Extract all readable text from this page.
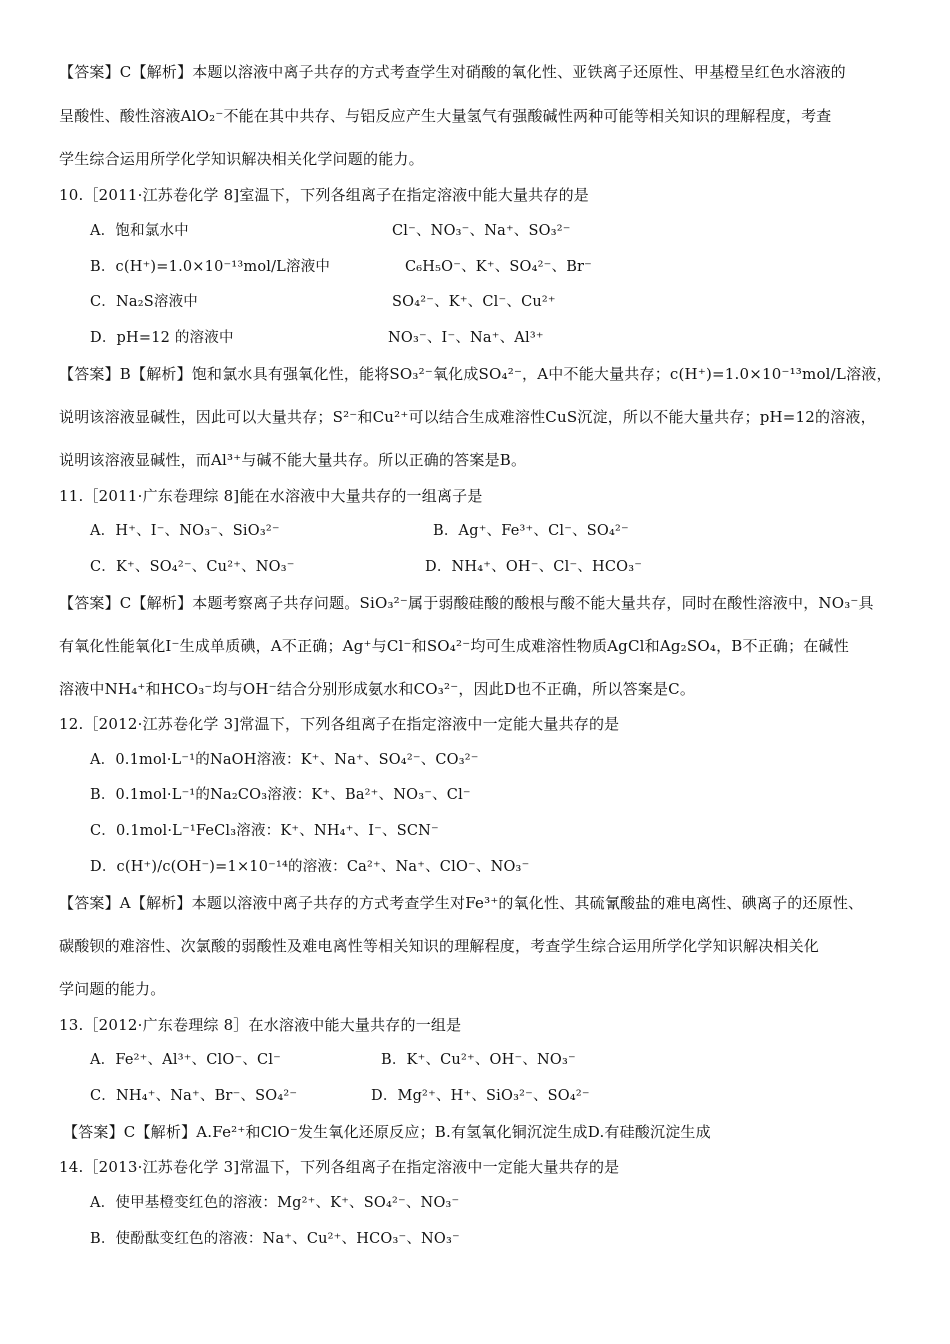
【答案】C【解析】本题以溶液中离子共存的方式考查学生对硝酸的氧化性、亚铁离子还原性、甲基橙呈红色水溶液的
呈酸性、酸性溶液AlO₂⁻不能在其中共存、与铝反应产生大量氢气有强酸碱性两种可能等相关知识的理解程度，考查
学生综合运用所学化学知识解决相关化学问题的能力。
10.［2011·江苏卷化学 8]室温下，下列各组离子在指定溶液中能大量共存的是
A．饱和氯水中	Cl⁻、NO₃⁻、Na⁺、SO₃²⁻
B．c(H⁺)=1.0×10⁻¹³mol/L溶液中	C₆H₅O⁻、K⁺、SO₄²⁻、Br⁻
C．Na₂S溶液中	SO₄²⁻、K⁺、Cl⁻、Cu²⁺
D．pH=12 的溶液中	NO₃⁻、I⁻、Na⁺、Al³⁺
【答案】B【解析】饱和氯水具有强氧化性，能将SO₃²⁻氧化成SO₄²⁻，A中不能大量共存；c(H⁺)=1.0×10⁻¹³mol/L溶液，
说明该溶液显碱性，因此可以大量共存；S²⁻和Cu²⁺可以结合生成难溶性CuS沉淀，所以不能大量共存；pH=12的溶液，
说明该溶液显碱性，而Al³⁺与碱不能大量共存。所以正确的答案是B。
11.［2011·广东卷理综 8]能在水溶液中大量共存的一组离子是
A．H⁺、I⁻、NO₃⁻、SiO₃²⁻	B．Ag⁺、Fe³⁺、Cl⁻、SO₄²⁻
C．K⁺、SO₄²⁻、Cu²⁺、NO₃⁻	D．NH₄⁺、OH⁻、Cl⁻、HCO₃⁻
【答案】C【解析】本题考察离子共存问题。SiO₃²⁻属于弱酸硅酸的酸根与酸不能大量共存，同时在酸性溶液中，NO₃⁻具
有氧化性能氧化I⁻生成单质碘，A不正确；Ag⁺与Cl⁻和SO₄²⁻均可生成难溶性物质AgCl和Ag₂SO₄，B不正确；在碱性
溶液中NH₄⁺和HCO₃⁻均与OH⁻结合分别形成氨水和CO₃²⁻，因此D也不正确，所以答案是C。
12.［2012·江苏卷化学 3]常温下，下列各组离子在指定溶液中一定能大量共存的是
A．0.1mol·L⁻¹的NaOH溶液：K⁺、Na⁺、SO₄²⁻、CO₃²⁻
B．0.1mol·L⁻¹的Na₂CO₃溶液：K⁺、Ba²⁺、NO₃⁻、Cl⁻
C．0.1mol·L⁻¹FeCl₃溶液：K⁺、NH₄⁺、I⁻、SCN⁻
D．c(H⁺)/c(OH⁻)=1×10⁻¹⁴的溶液：Ca²⁺、Na⁺、ClO⁻、NO₃⁻
【答案】A【解析】本题以溶液中离子共存的方式考查学生对Fe³⁺的氧化性、其硫氰酸盐的难电离性、碘离子的还原性、
碳酸钡的难溶性、次氯酸的弱酸性及难电离性等相关知识的理解程度，考查学生综合运用所学化学知识解决相关化
学问题的能力。
13.［2012·广东卷理综 8］在水溶液中能大量共存的一组是
A．Fe²⁺、Al³⁺、ClO⁻、Cl⁻	B．K⁺、Cu²⁺、OH⁻、NO₃⁻
C．NH₄⁺、Na⁺、Br⁻、SO₄²⁻	D．Mg²⁺、H⁺、SiO₃²⁻、SO₄²⁻
【答案】C【解析】A.Fe²⁺和ClO⁻发生氧化还原反应；B.有氢氧化铜沉淀生成D.有硅酸沉淀生成
14.［2013·江苏卷化学 3]常温下，下列各组离子在指定溶液中一定能大量共存的是
A．使甲基橙变红色的溶液：Mg²⁺、K⁺、SO₄²⁻、NO₃⁻
B．使酚酞变红色的溶液：Na⁺、Cu²⁺、HCO₃⁻、NO₃⁻
